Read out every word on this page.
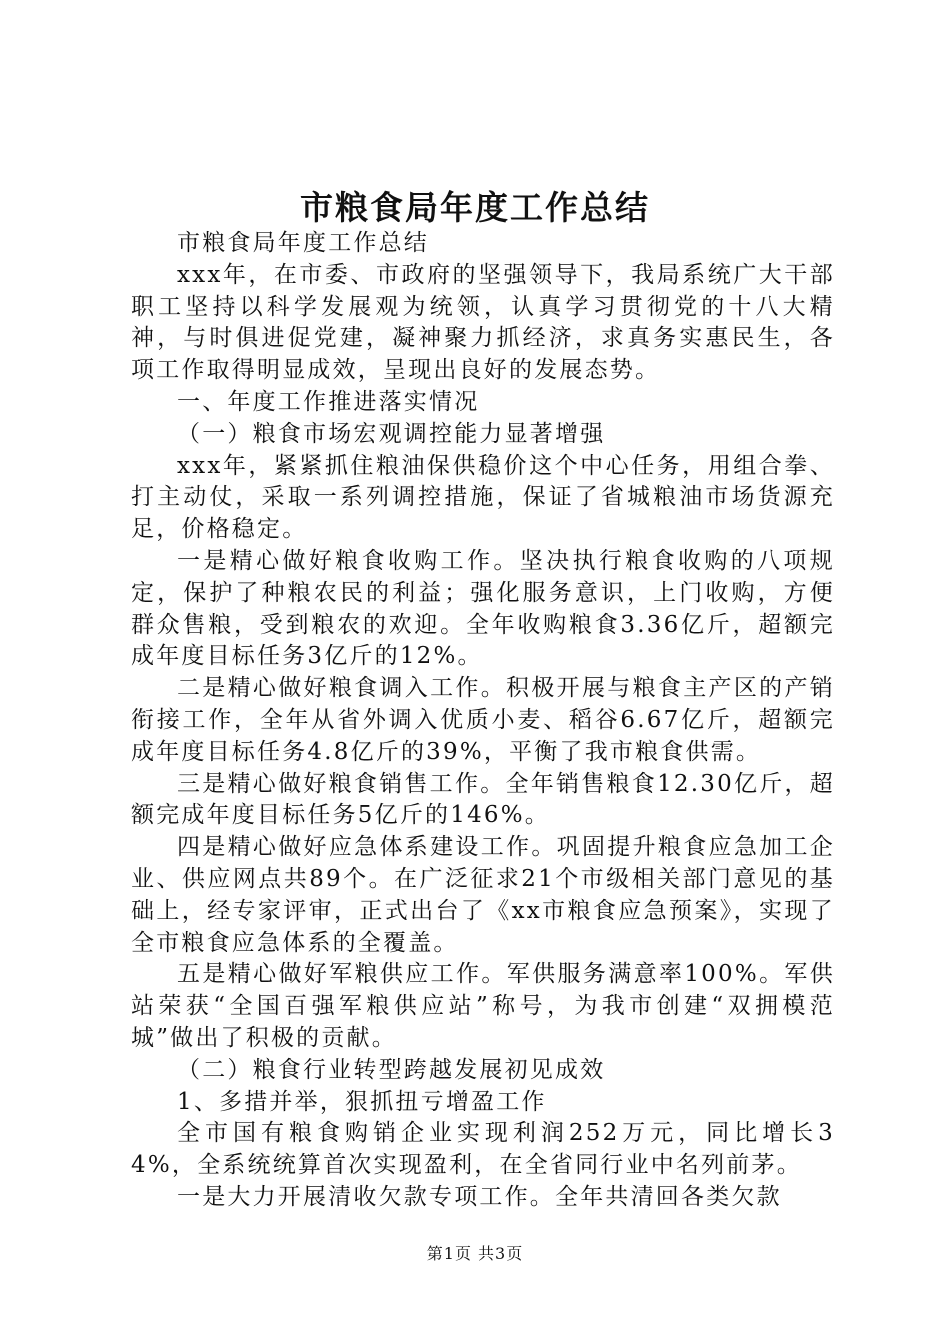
市粮食局年度工作总结

市粮食局年度工作总结

xxx年，在市委、市政府的坚强领导下，我局系统广大干部职工坚持以科学发展观为统领，认真学习贯彻党的十八大精神，与时俱进促党建，凝神聚力抓经济，求真务实惠民生，各项工作取得明显成效，呈现出良好的发展态势。

一、年度工作推进落实情况

（一）粮食市场宏观调控能力显著增强

xxx年，紧紧抓住粮油保供稳价这个中心任务，用组合拳、打主动仗，采取一系列调控措施，保证了省城粮油市场货源充足，价格稳定。

一是精心做好粮食收购工作。坚决执行粮食收购的八项规定，保护了种粮农民的利益；强化服务意识，上门收购，方便群众售粮，受到粮农的欢迎。全年收购粮食3.36亿斤，超额完成年度目标任务3亿斤的12%。

二是精心做好粮食调入工作。积极开展与粮食主产区的产销衔接工作，全年从省外调入优质小麦、稻谷6.67亿斤，超额完成年度目标任务4.8亿斤的39%，平衡了我市粮食供需。

三是精心做好粮食销售工作。全年销售粮食12.30亿斤，超额完成年度目标任务5亿斤的146%。

四是精心做好应急体系建设工作。巩固提升粮食应急加工企业、供应网点共89个。在广泛征求21个市级相关部门意见的基础上，经专家评审，正式出台了《xx市粮食应急预案》，实现了全市粮食应急体系的全覆盖。

五是精心做好军粮供应工作。军供服务满意率100%。军供站荣获“全国百强军粮供应站”称号，为我市创建“双拥模范城”做出了积极的贡献。

（二）粮食行业转型跨越发展初见成效

1、多措并举，狠抓扭亏增盈工作

全市国有粮食购销企业实现利润252万元，同比增长34%，全系统统算首次实现盈利，在全省同行业中名列前茅。

一是大力开展清收欠款专项工作。全年共清回各类欠款

第1页 共3页
